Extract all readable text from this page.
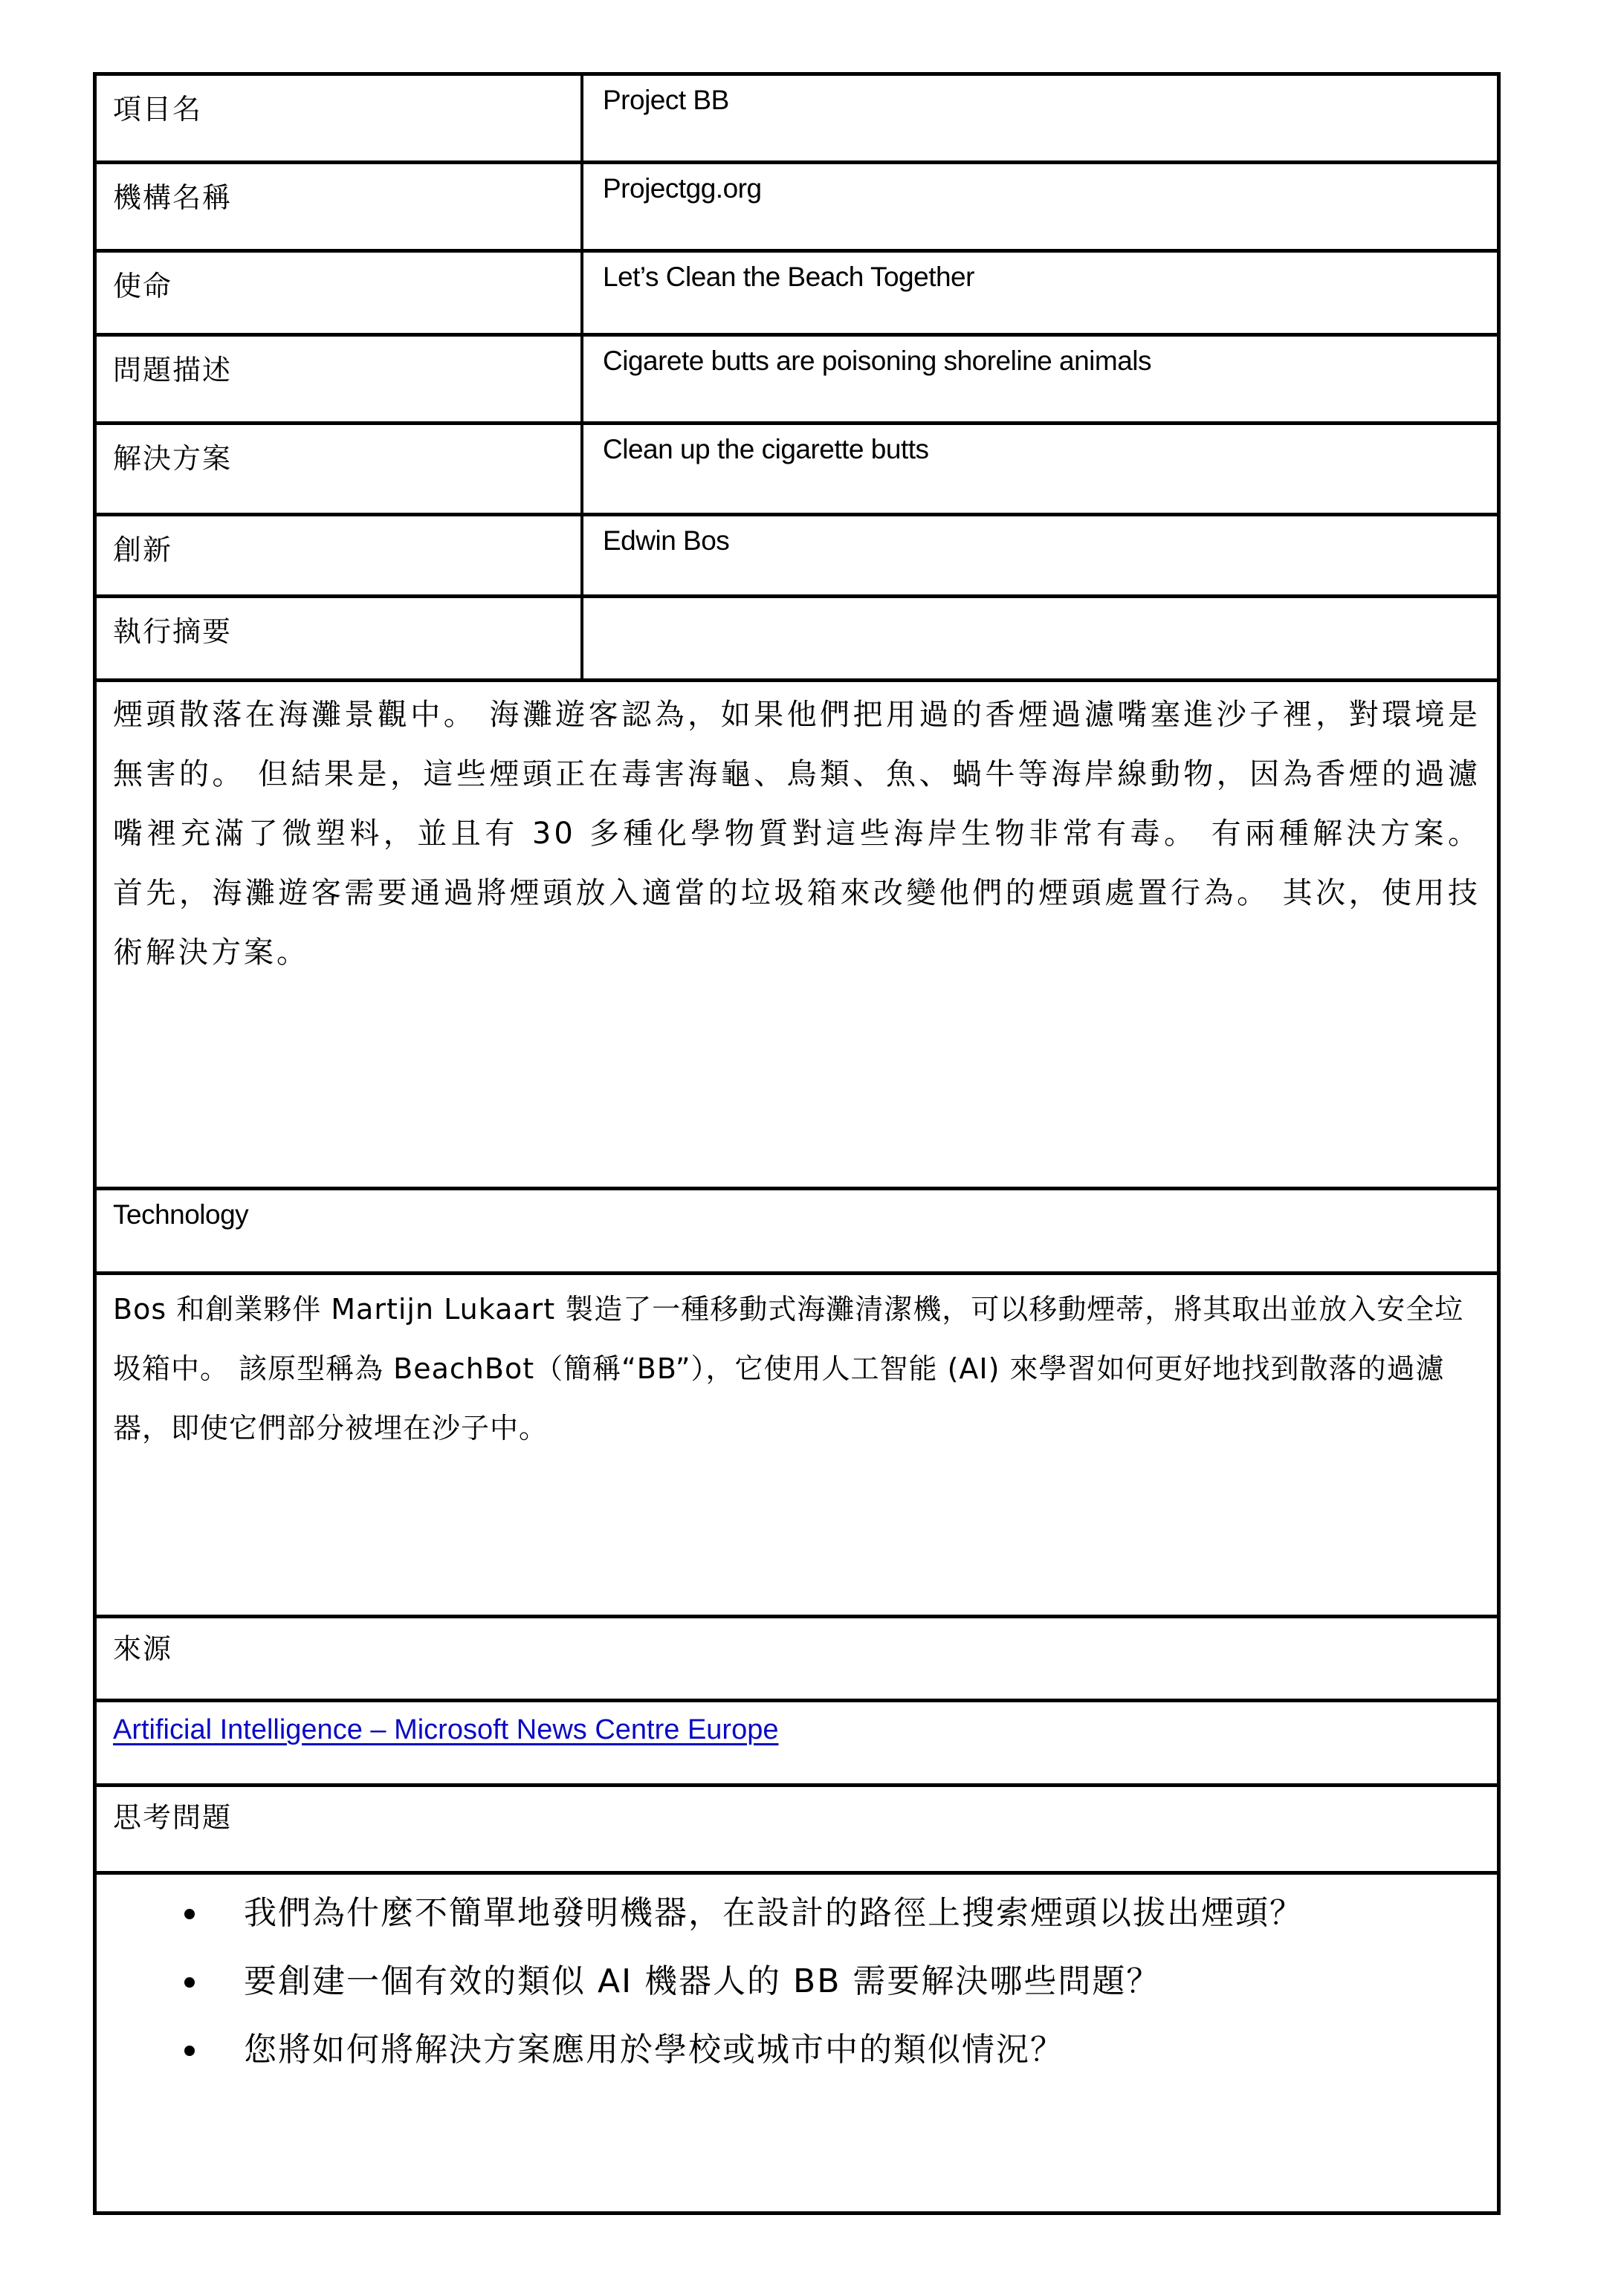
項目名	Project BB
機構名稱	Projectgg.org
使命	Let’s Clean the Beach Together
問題描述	Cigarete butts are poisoning shoreline animals
解決方案	Clean up the cigarette butts
創新	Edwin Bos
執行摘要

煙頭散落在海灘景觀中。 海灘遊客認為，如果他們把用過的香煙過濾嘴塞進沙子裡，對環境是無害的。 但結果是，這些煙頭正在毒害海龜、鳥類、魚、蝸牛等海岸線動物，因為香煙的過濾嘴裡充滿了微塑料，並且有 30 多種化學物質對這些海岸生物非常有毒。 有兩種解決方案。 首先，海灘遊客需要通過將煙頭放入適當的垃圾箱來改變他們的煙頭處置行為。 其次，使用技術解決方案。

Technology

Bos 和創業夥伴 Martijn Lukaart 製造了一種移動式海灘清潔機，可以移動煙蒂，將其取出並放入安全垃圾箱中。 該原型稱為 BeachBot（簡稱“BB”），它使用人工智能 (AI) 來學習如何更好地找到散落的過濾器，即使它們部分被埋在沙子中。

來源
Artificial Intelligence – Microsoft News Centre Europe
思考問題
我們為什麼不簡單地發明機器，在設計的路徑上搜索煙頭以拔出煙頭？
要創建一個有效的類似 AI 機器人的 BB 需要解決哪些問題？
您將如何將解決方案應用於學校或城市中的類似情況？
